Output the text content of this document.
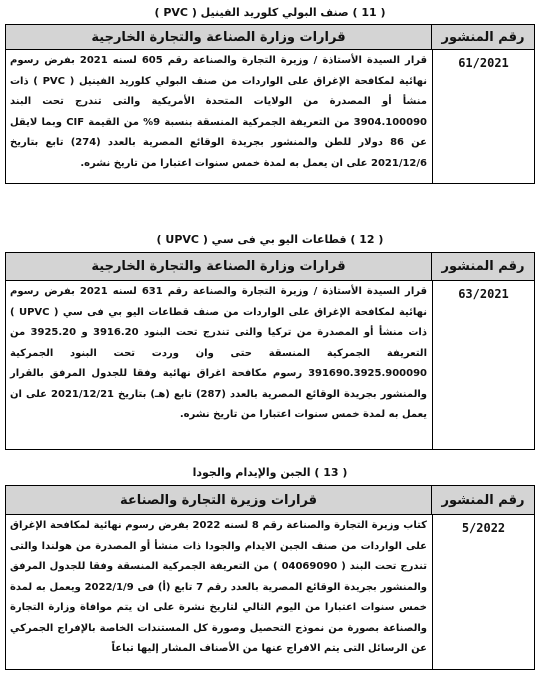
( 11 ) صنف البولي كلوريد الفينيل ( PVC )
رقم المنشور
قرارات وزارة الصناعة والتجارة الخارجية
61/2021
قرار السيدة الأستاذة / وزيرة التجارة والصناعة رقم 605 لسنه 2021 بفرض رسوم نهائية لمكافحة الإغراق على الواردات من صنف البولي كلوريد الفينيل ( PVC ) ذات منشأ أو المصدرة من الولايات المتحدة الأمريكية والتى تندرج تحت البند 3904.100090 من التعريفة الجمركية المنسقة بنسبة 9% من القيمة CIF وبما لايقل عن 86 دولار للطن والمنشور بجريدة الوقائع المصرية بالعدد (274) تابع بتاريخ 2021/12/6 على ان يعمل به لمدة خمس سنوات اعتبارا من تاريخ نشره.
( 12 ) قطاعات اليو بي فى سي ( UPVC )
رقم المنشور
قرارات وزارة الصناعة والتجارة الخارجية
63/2021
قرار السيدة الأستاذة / وزيرة التجارة والصناعة رقم 631 لسنه 2021 بفرض رسوم نهائية لمكافحة الإغراق على الواردات من صنف قطاعات اليو بي فى سي ( UPVC ) ذات منشأ أو المصدرة من تركيا والتى تندرج تحت البنود 3916.20 و 3925.20 من التعريفة الجمركية المنسقة حتى وان وردت تحت البنود الجمركية 391690.3925.900090 رسوم مكافحة اغراق نهائية وفقا للجدول المرفق بالقرار والمنشور بجريدة الوقائع المصرية بالعدد (287) تابع (هـ) بتاريخ 2021/12/21 على ان يعمل به لمدة خمس سنوات اعتبارا من تاريخ نشره.
( 13 ) الجبن والإيدام والجودا
رقم المنشور
قرارات وزيرة التجارة والصناعة
5/2022
كتاب وزيرة التجارة والصناعة رقم 8 لسنه 2022 بفرض رسوم نهائية لمكافحة الإغراق على الواردات من صنف الجبن الايدام والجودا ذات منشأ أو المصدرة من هولندا والتى تندرج تحت البند ( 04069090 ) من التعريفة الجمركية المنسقة وفقا للجدول المرفق والمنشور بجريدة الوقائع المصرية بالعدد رقم 7 تابع (أ) فى 2022/1/9 ويعمل به لمدة خمس سنوات اعتبارا من اليوم التالي لتاريخ نشرة على ان يتم موافاة وزارة التجارة والصناعة بصورة من نموذج التحصيل وصورة كل المستندات الخاصة بالإفراج الجمركي عن الرسائل التى يتم الافراج عنها من الأصناف المشار إليها تباعاً
